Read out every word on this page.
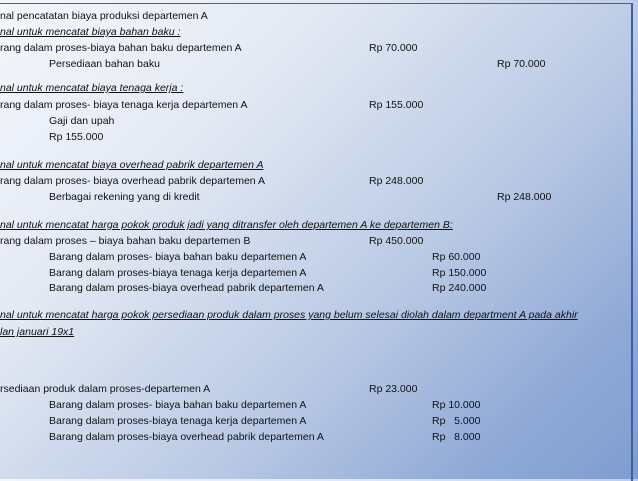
nal pencatatan biaya produksi departemen A
nal untuk mencatat biaya bahan baku :
rang dalam proses-biaya bahan baku departemen A	Rp 70.000
Persediaan bahan baku	Rp 70.000
nal untuk mencatat biaya tenaga kerja :
rang dalam proses- biaya tenaga kerja departemen A	Rp 155.000
Gaji dan upah
Rp 155.000
nal untuk mencatat biaya overhead pabrik departemen A
rang dalam proses- biaya overhead pabrik departemen A	Rp 248.000
Berbagai rekening yang di kredit	Rp 248.000
nal untuk mencatat harga pokok produk jadi yang ditransfer oleh departemen A ke departemen B:
rang dalam proses – biaya bahan baku departemen B	Rp 450.000
Barang dalam proses- biaya bahan baku departemen A	Rp 60.000
Barang dalam proses-biaya tenaga kerja departemen A	Rp 150.000
Barang dalam proses-biaya overhead pabrik departemen A	Rp 240.000
nal untuk mencatat harga pokok persediaan produk dalam proses yang belum selesai diolah dalam department A pada akhir
lan januari 19x1
rsediaan produk dalam proses-departemen A	Rp 23.000
Barang dalam proses- biaya bahan baku departemen A	Rp 10.000
Barang dalam proses-biaya tenaga kerja departemen A	Rp   5.000
Barang dalam proses-biaya overhead pabrik departemen A	Rp   8.000
